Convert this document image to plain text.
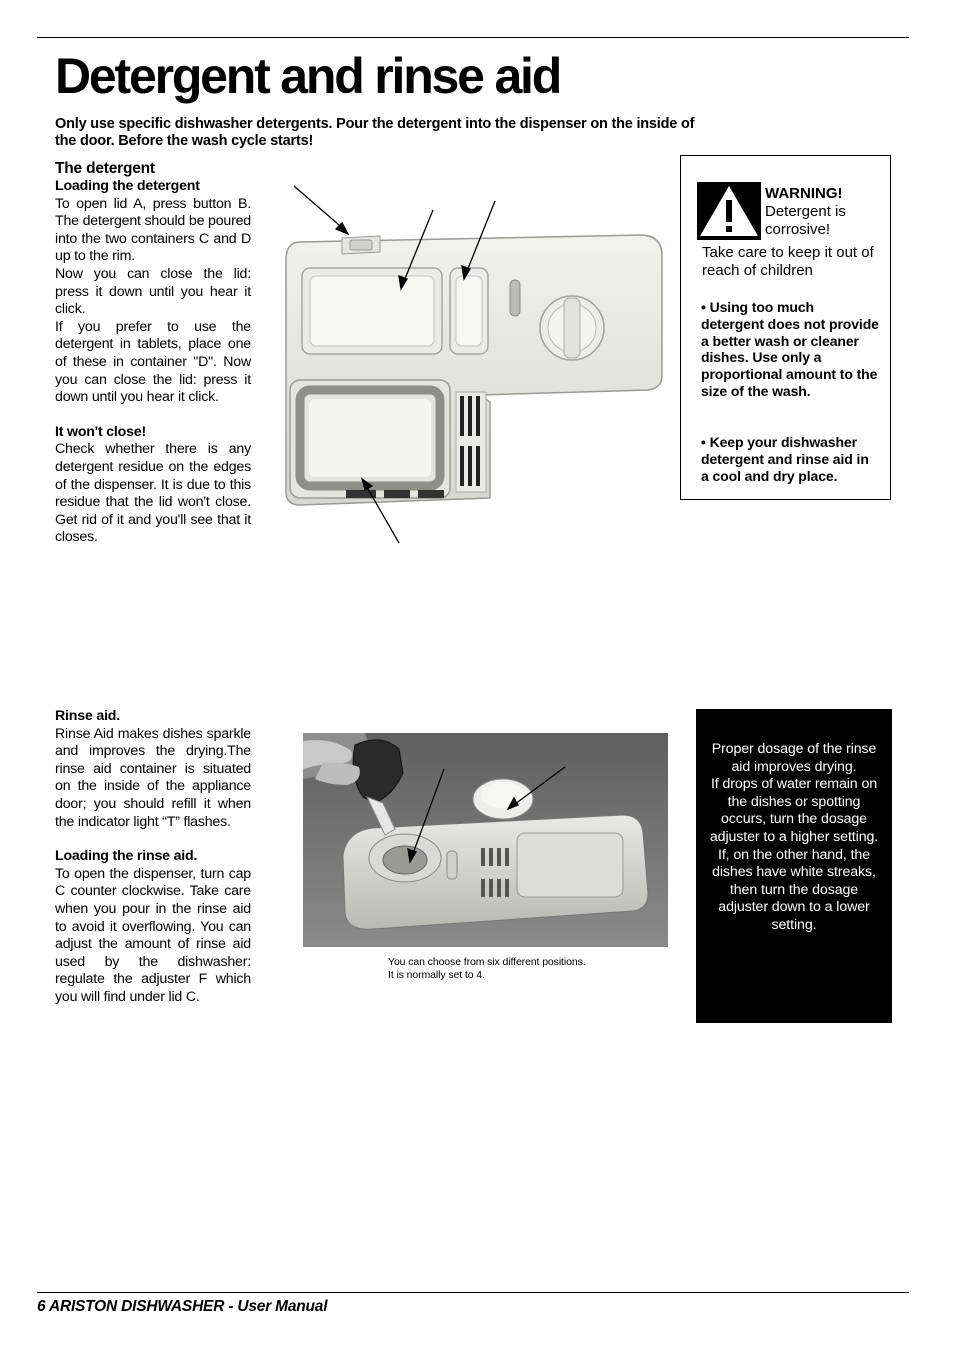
Detergent and rinse aid
Only use specific dishwasher detergents. Pour the detergent into the dispenser on the inside of the door. Before the wash cycle starts!

The detergent

Loading the detergent

To open lid A, press button B. The detergent should be poured into the two containers C and D up to the rim.

Now you can close the lid: press it down until you hear it click.

If you prefer to use the detergent in tablets, place one of these in container "D". Now you can close the lid: press it down until you hear it click.

It won't close!

Check whether there is any detergent residue on the edges of the dispenser. It is due to this residue that the lid won't close. Get rid of it and you'll see that it closes.

WARNING!
Detergent is corrosive!
Take care to keep it out of reach of children
• Using too much detergent does not provide a better wash or cleaner dishes. Use only a proportional amount to the size of the wash.
• Keep your dishwasher detergent and rinse aid in a cool and dry place.

Rinse aid.

Rinse Aid makes dishes sparkle and improves the drying.The rinse aid container is situated on the inside of the appliance door; you should refill it when the indicator light “T” flashes.

Loading the rinse aid.

To open the dispenser, turn cap C counter clockwise. Take care when you pour in the rinse aid to avoid it overflowing. You can adjust the amount of rinse aid used by the dishwasher: regulate the adjuster F which you will find under lid C.

You can choose from six different positions. It is normally set to 4.
Proper dosage of the rinse aid improves drying.
If drops of water remain on the dishes or spotting occurs, turn the dosage adjuster to a higher setting.
If, on the other hand, the dishes have white streaks, then turn the dosage adjuster down to a lower setting.
6 ARISTON DISHWASHER - User Manual
